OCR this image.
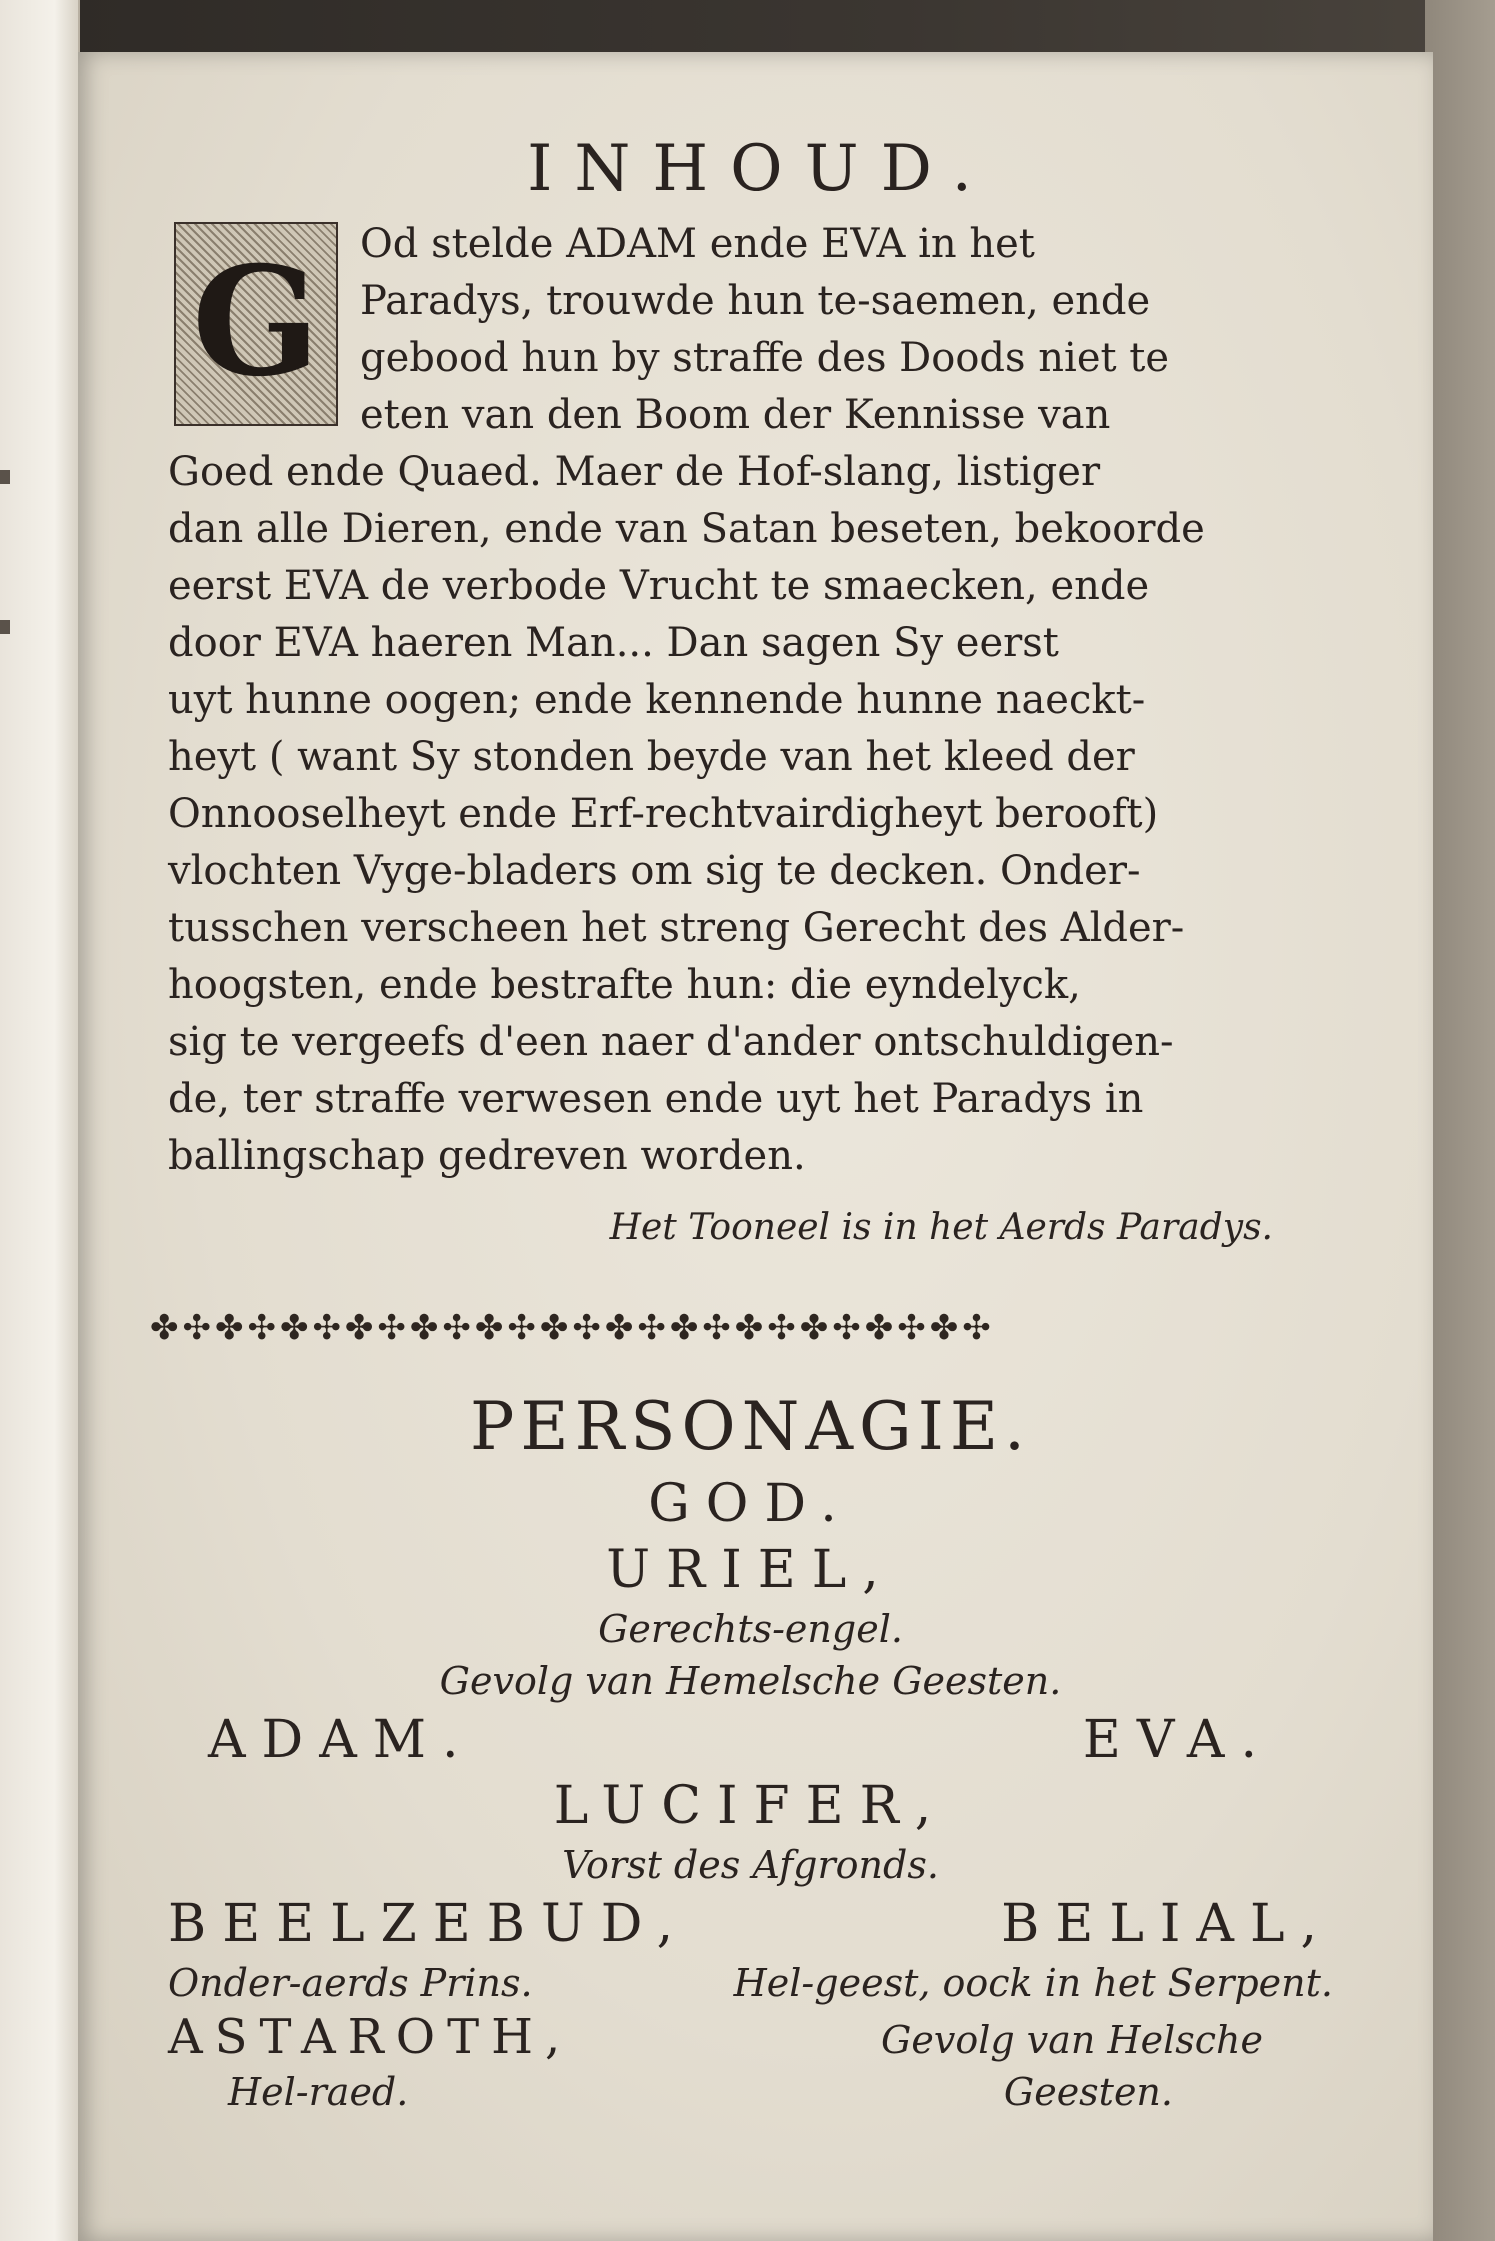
INHOUD.
G Od stelde ADAM ende EVA in het
Paradys, trouwde hun te-saemen, ende
gebood hun by straffe des Doods niet te
eten van den Boom der Kennisse van
Goed ende Quaed. Maer de Hof-slang, listiger
dan alle Dieren, ende van Satan beseten, bekoorde
eerst EVA de verbode Vrucht te smaecken, ende
door EVA haeren Man... Dan sagen Sy eerst
uyt hunne oogen; ende kennende hunne naeckt-
heyt ( want Sy stonden beyde van het kleed der
Onnooselheyt ende Erf-rechtvairdigheyt berooft)
vlochten Vyge-bladers om sig te decken. Onder-
tusschen verscheen het streng Gerecht des Alder-
hoogsten, ende bestrafte hun: die eyndelyck,
sig te vergeefs d'een naer d'ander ontschuldigen-
de, ter straffe verwesen ende uyt het Paradys in
ballingschap gedreven worden.
Het Tooneel is in het Aerds Paradys.
✤✣✤✣✤✣✤✣✤✣✤✣✤✣✤✣✤✣✤✣✤✣✤✣✤✣
PERSONAGIE.
GOD.
URIEL,
Gerechts-engel.
Gevolg van Hemelsche Geesten.
ADAM.	EVA.
LUCIFER,
Vorst des Afgronds.
BEELZEBUD,	BELIAL,
Onder-aerds Prins.	Hel-geest, oock in het Serpent.
ASTAROTH,	Gevolg van Helsche
Hel-raed.	Geesten.
